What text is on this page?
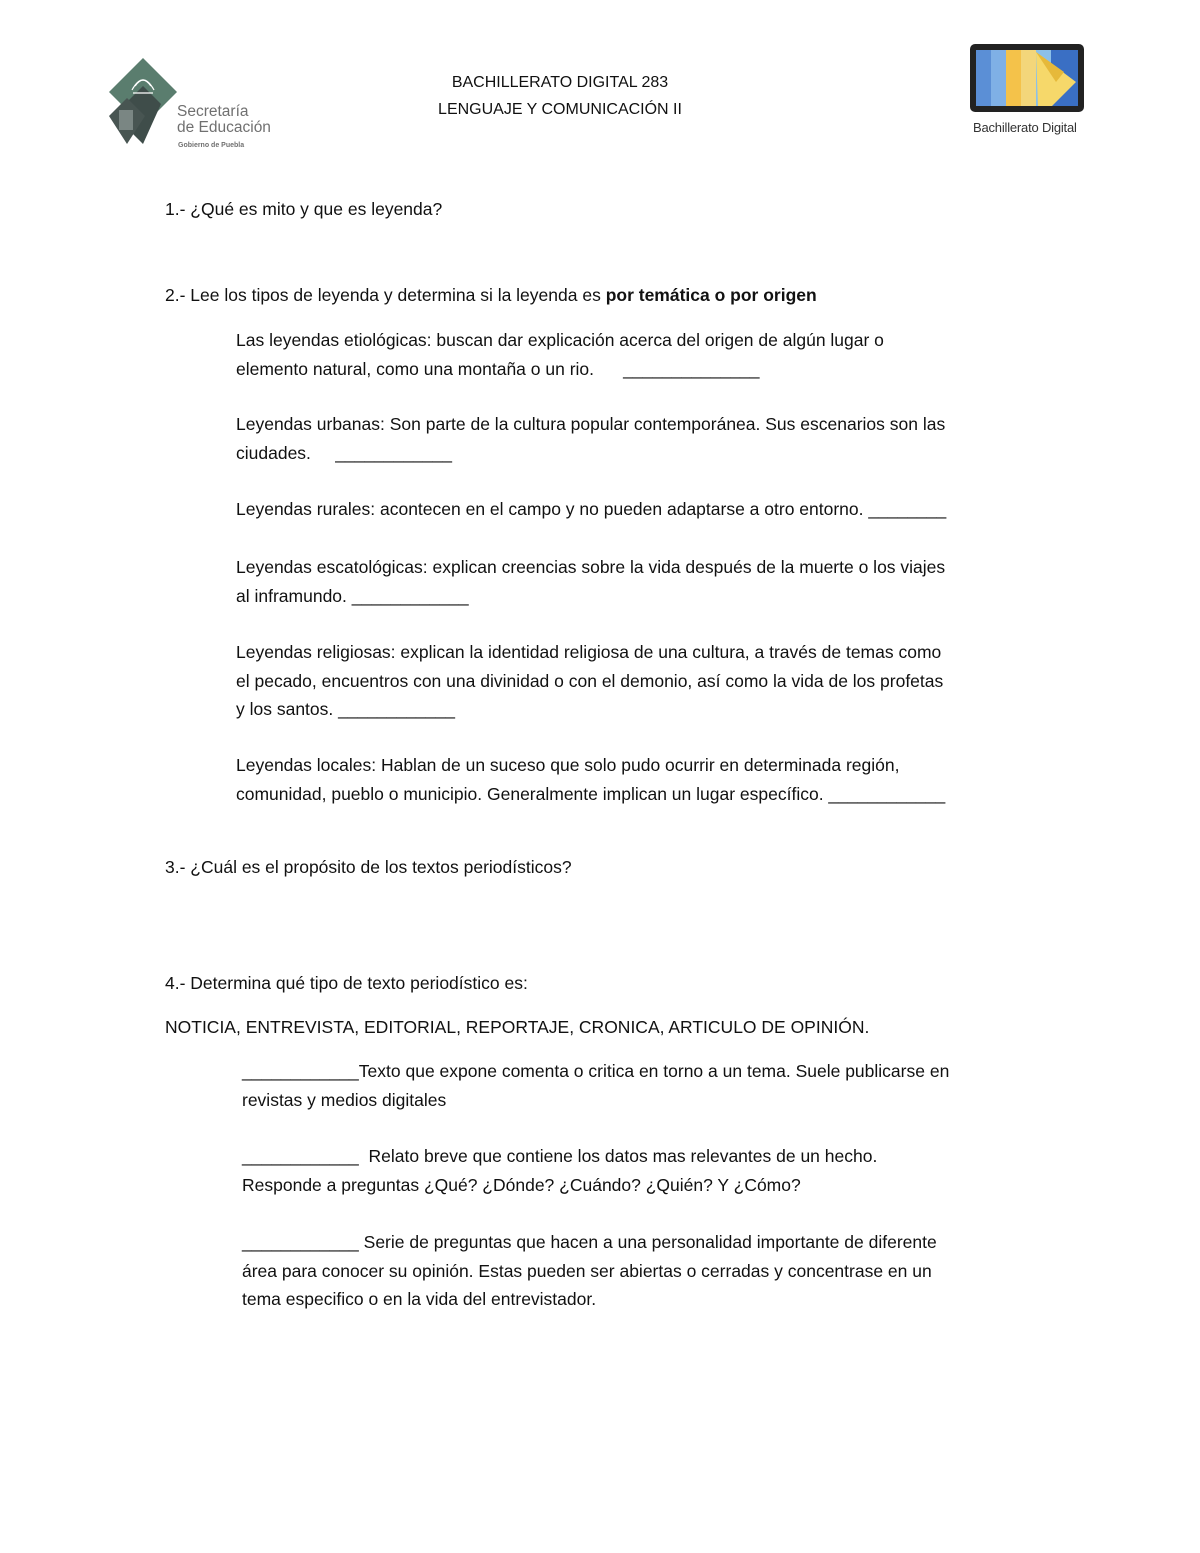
Secretaría
de Educación
Gobierno de Puebla
BACHILLERATO DIGITAL 283
LENGUAJE Y COMUNICACIÓN II
Bachillerato Digital
1.- ¿Qué es mito y que es leyenda?
2.- Lee los tipos de leyenda y determina si la leyenda es por temática o por origen
Las leyendas etiológicas: buscan dar explicación acerca del origen de algún lugar o
elemento natural, como una montaña o un rio.      ______________
Leyendas urbanas: Son parte de la cultura popular contemporánea. Sus escenarios son las
ciudades.     ____________
Leyendas rurales: acontecen en el campo y no pueden adaptarse a otro entorno. ________
Leyendas escatológicas: explican creencias sobre la vida después de la muerte o los viajes
al inframundo. ____________
Leyendas religiosas: explican la identidad religiosa de una cultura, a través de temas como
el pecado, encuentros con una divinidad o con el demonio, así como la vida de los profetas
y los santos. ____________
Leyendas locales: Hablan de un suceso que solo pudo ocurrir en determinada región,
comunidad, pueblo o municipio. Generalmente implican un lugar específico. ____________
3.- ¿Cuál es el propósito de los textos periodísticos?
4.- Determina qué tipo de texto periodístico es:
NOTICIA, ENTREVISTA, EDITORIAL, REPORTAJE, CRONICA, ARTICULO DE OPINIÓN.
____________Texto que expone comenta o critica en torno a un tema. Suele publicarse en
revistas y medios digitales
____________  Relato breve que contiene los datos mas relevantes de un hecho.
Responde a preguntas ¿Qué? ¿Dónde? ¿Cuándo? ¿Quién? Y ¿Cómo?
____________ Serie de preguntas que hacen a una personalidad importante de diferente
área para conocer su opinión. Estas pueden ser abiertas o cerradas y concentrase en un
tema especifico o en la vida del entrevistador.
